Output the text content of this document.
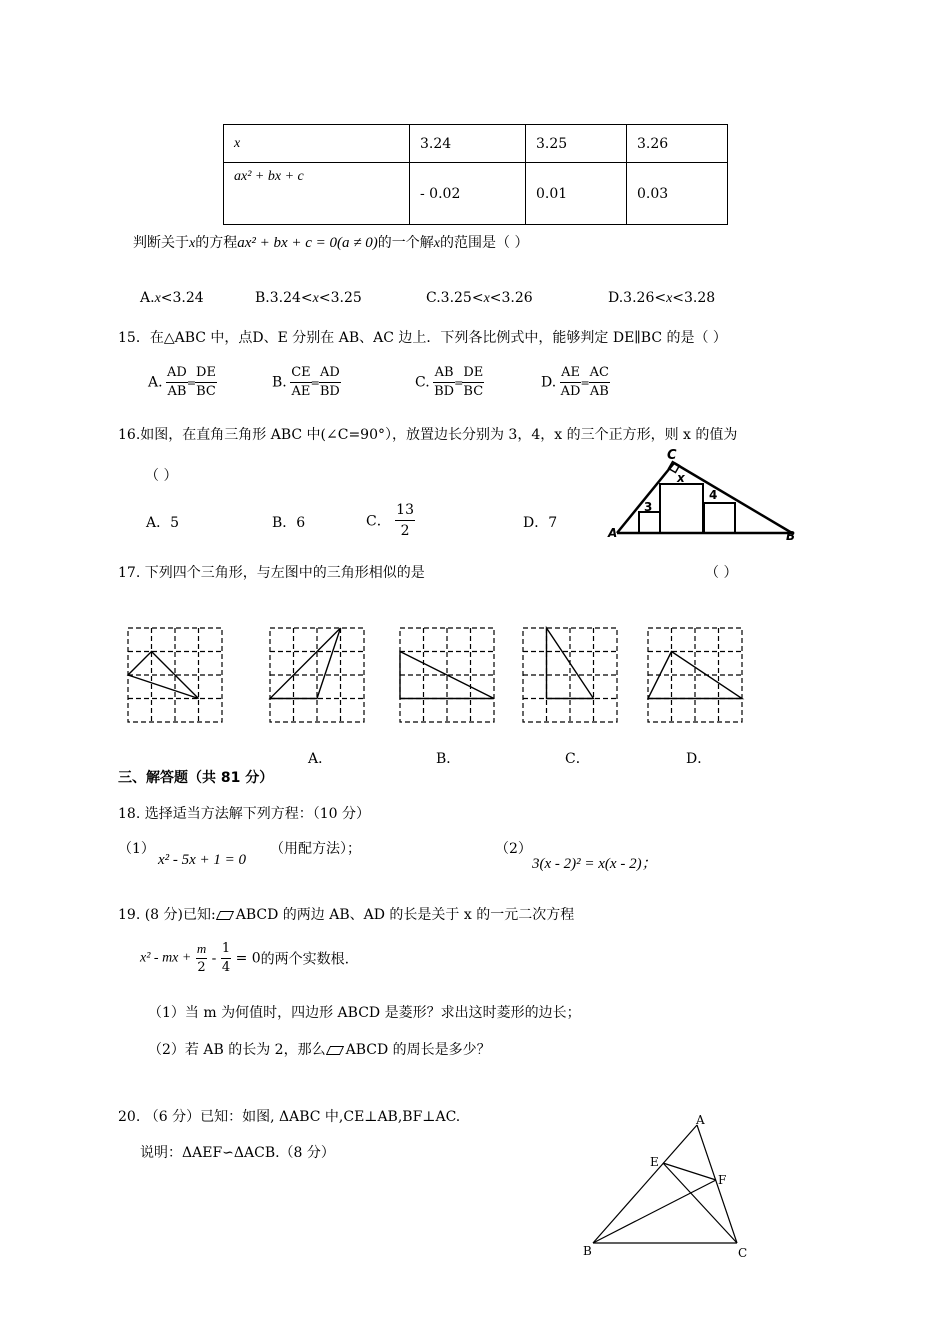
x	3.24	3.25	3.26
ax² + bx + c	- 0.02	0.01	0.03
判断关于x的方程ax² + bx + c = 0(a ≠ 0)的一个解x的范围是（ ）
A.x<3.24	B.3.24<x<3.25	C.3.25<x<3.26	D.3.26<x<3.28
15．在△ABC 中，点D、E 分别在 AB、AC 边上．下列各比例式中，能够判定 DE∥BC 的是（ ）
A. $\frac{AD}{AB} = \frac{DE}{BC}$	B. $\frac{CE}{AE} = \frac{AD}{BD}$	C. $\frac{AB}{BD} = \frac{DE}{BC}$	D. $\frac{AE}{AD} = \frac{AC}{AB}$
16.如图，在直角三角形 ABC 中(∠C=90°），放置边长分别为 3，4，x 的三个正方形，则 x 的值为
（ ）
A．5	B．6	C． $\frac{13}{2}$	D．7
C
A	B
3
4
x
17. 下列四个三角形，与左图中的三角形相似的是	（ ）
A．	B．	C．	D．
三、解答题（共 81 分）
18. 选择适当方法解下列方程：（10 分）
（1）
x² - 5x + 1 = 0
（用配方法）；	（2）
3(x - 2)² = x(x - 2)；
19. (8 分)已知: ABCD 的两边 AB、AD 的长是关于 x 的一元二次方程
x² - mx + $\frac{m}{2} - \frac{1}{4} = 0$的两个实数根.
（1）当 m 为何值时，四边形 ABCD 是菱形？求出这时菱形的边长；
（2）若 AB 的长为 2，那么 ABCD 的周长是多少？
20. （6 分）已知：如图, ΔABC 中,CE⊥AB,BF⊥AC.
说明：ΔAEF∽ΔACB.（8 分）
A
E
F
B	C
